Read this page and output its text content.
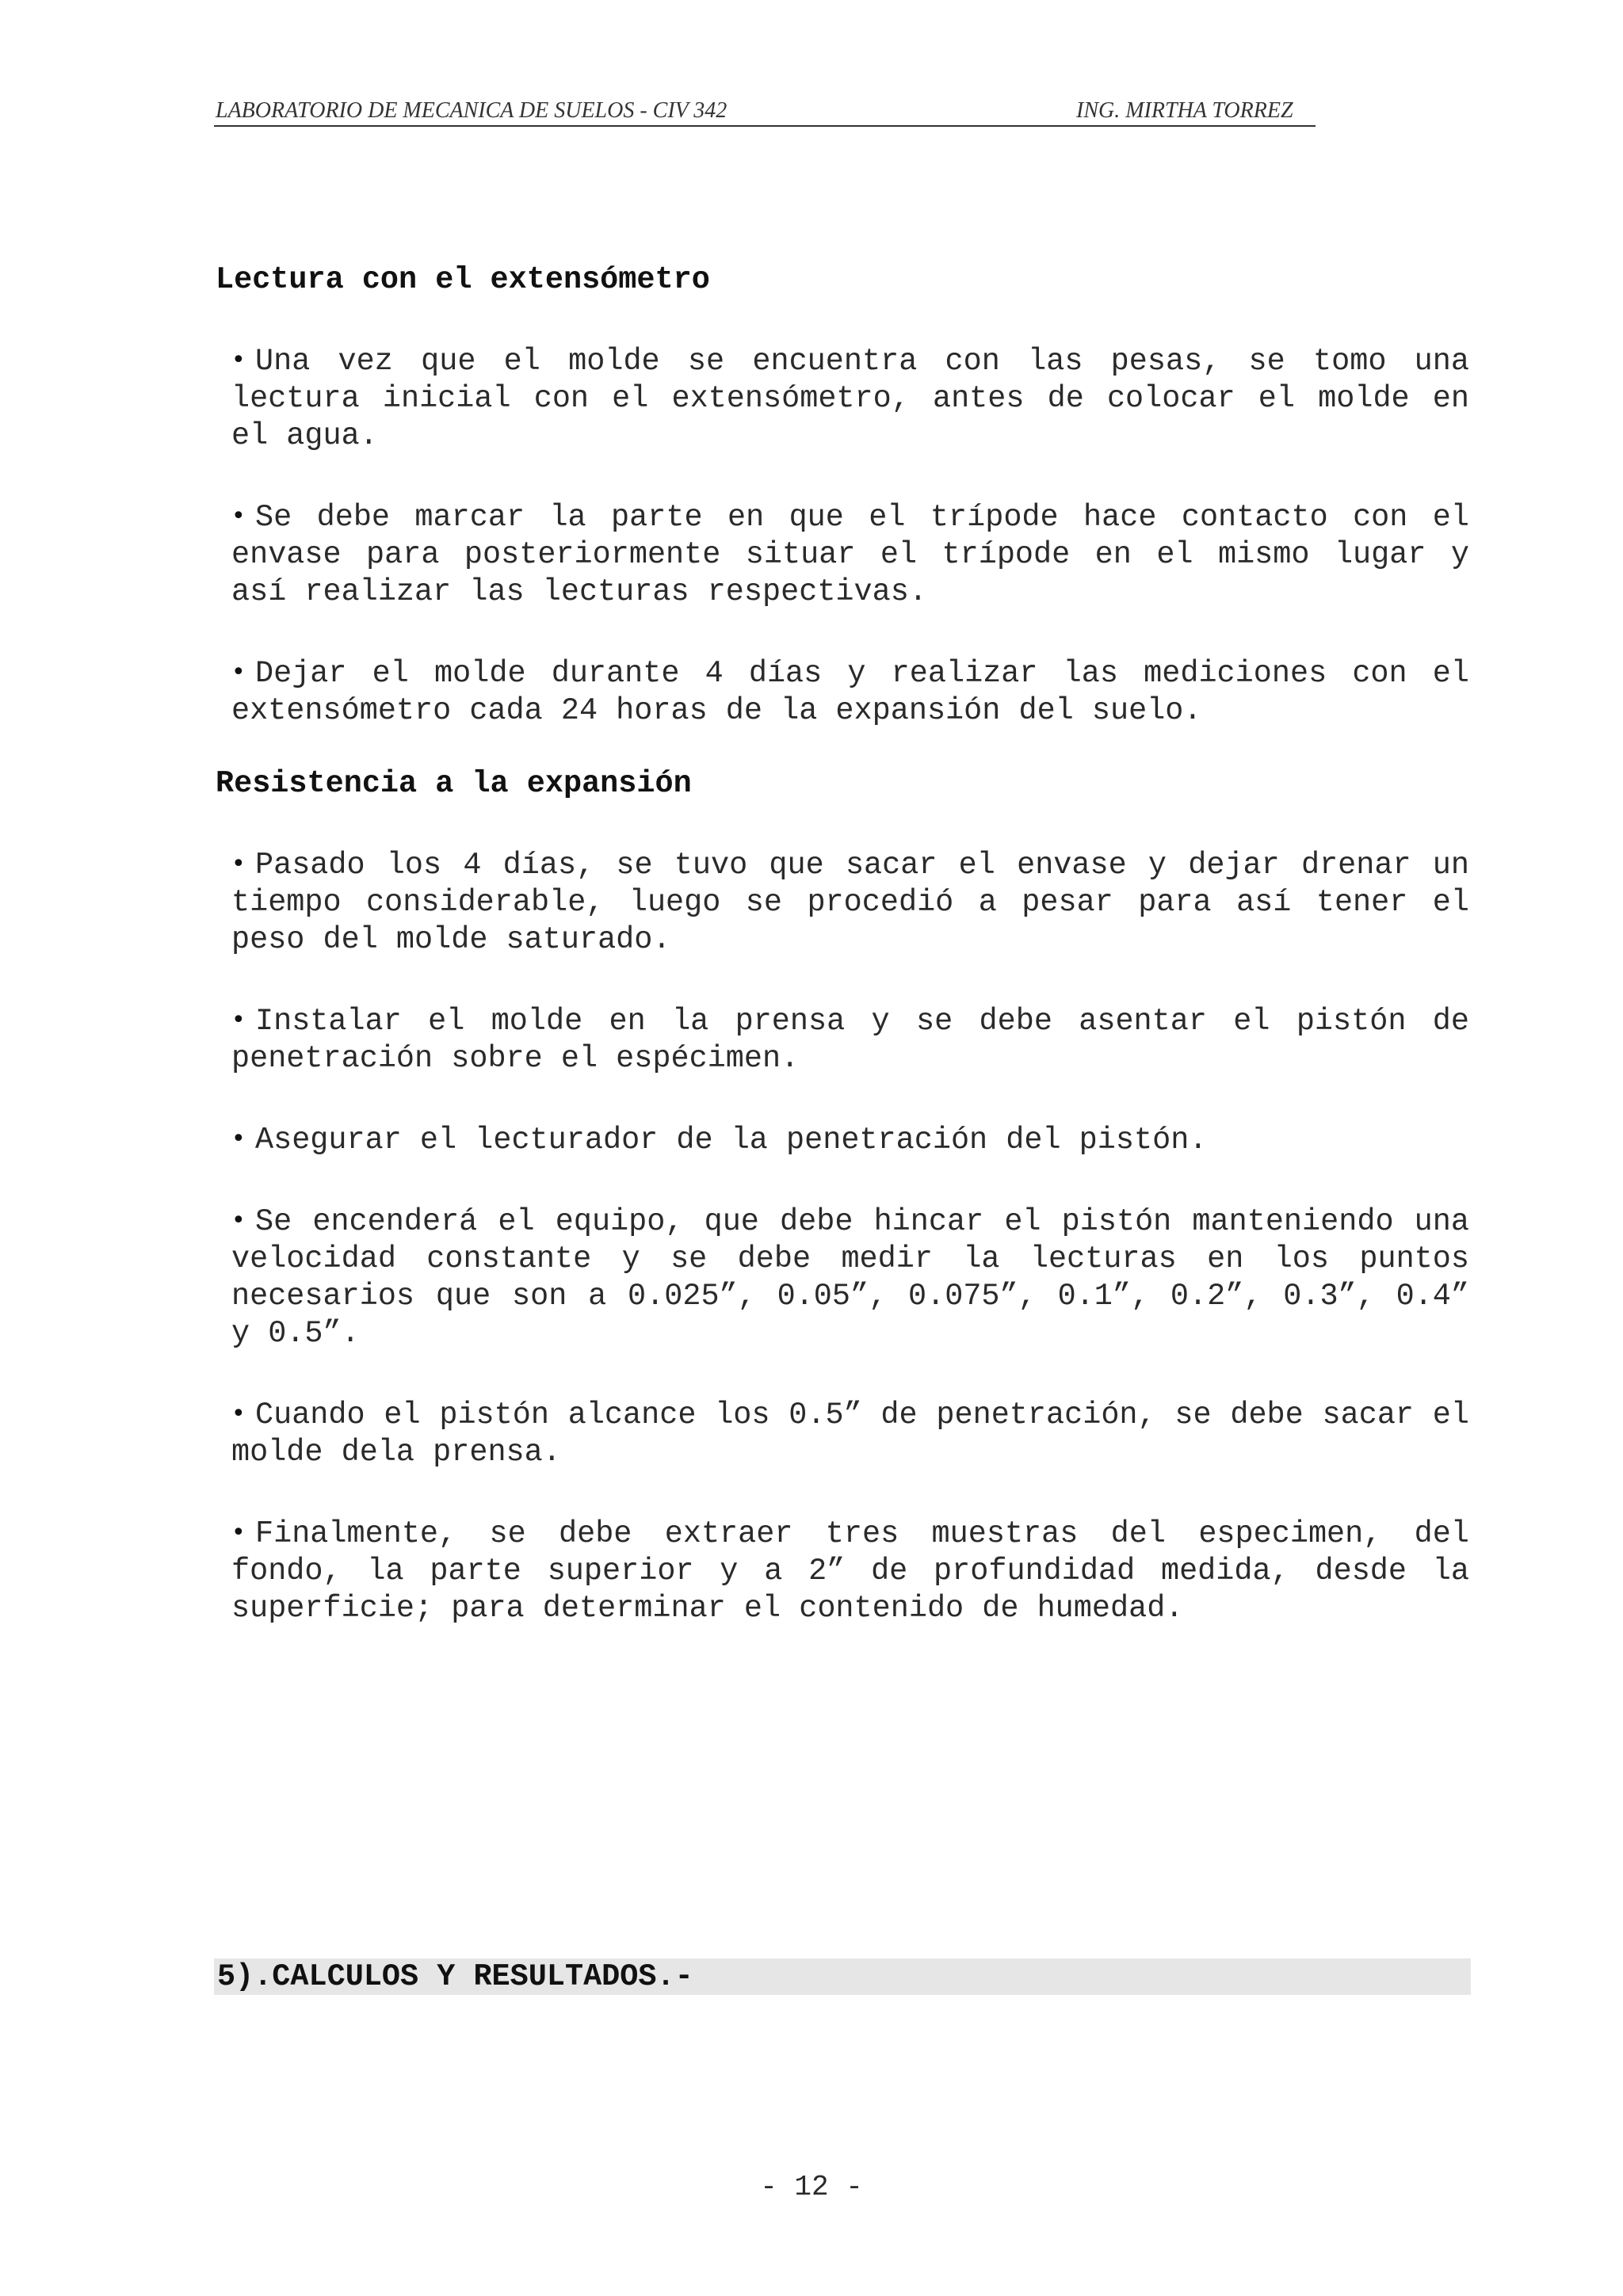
LABORATORIO DE MECANICA DE SUELOS - CIV 342	ING. MIRTHA TORREZ

Lectura con el extensómetro

• Una vez que el molde se encuentra con las pesas, se tomo una lectura inicial con el extensómetro, antes de colocar el molde en el agua.

• Se debe marcar la parte en que el trípode hace contacto con el envase para posteriormente situar el trípode en el mismo lugar y así realizar las lecturas respectivas.

• Dejar el molde durante 4 días y realizar las mediciones con el extensómetro cada 24 horas de la expansión del suelo.

Resistencia a la expansión

• Pasado los 4 días, se tuvo que sacar el envase y dejar drenar un tiempo considerable, luego se procedió a pesar para así tener el peso del molde saturado.

• Instalar el molde en la prensa y se debe asentar el pistón de penetración sobre el espécimen.

• Asegurar el lecturador de la penetración del pistón.

• Se encenderá el equipo, que debe hincar el pistón manteniendo una velocidad constante y se debe medir la lecturas en los puntos necesarios que son a 0.025”, 0.05”, 0.075”, 0.1”, 0.2”, 0.3”, 0.4” y 0.5”.

• Cuando el pistón alcance los 0.5” de penetración, se debe sacar el molde dela prensa.

• Finalmente, se debe extraer tres muestras del especimen, del fondo, la parte superior y a 2” de profundidad medida, desde la superficie; para determinar el contenido de humedad.

5).CALCULOS Y RESULTADOS.-
- 12 -
